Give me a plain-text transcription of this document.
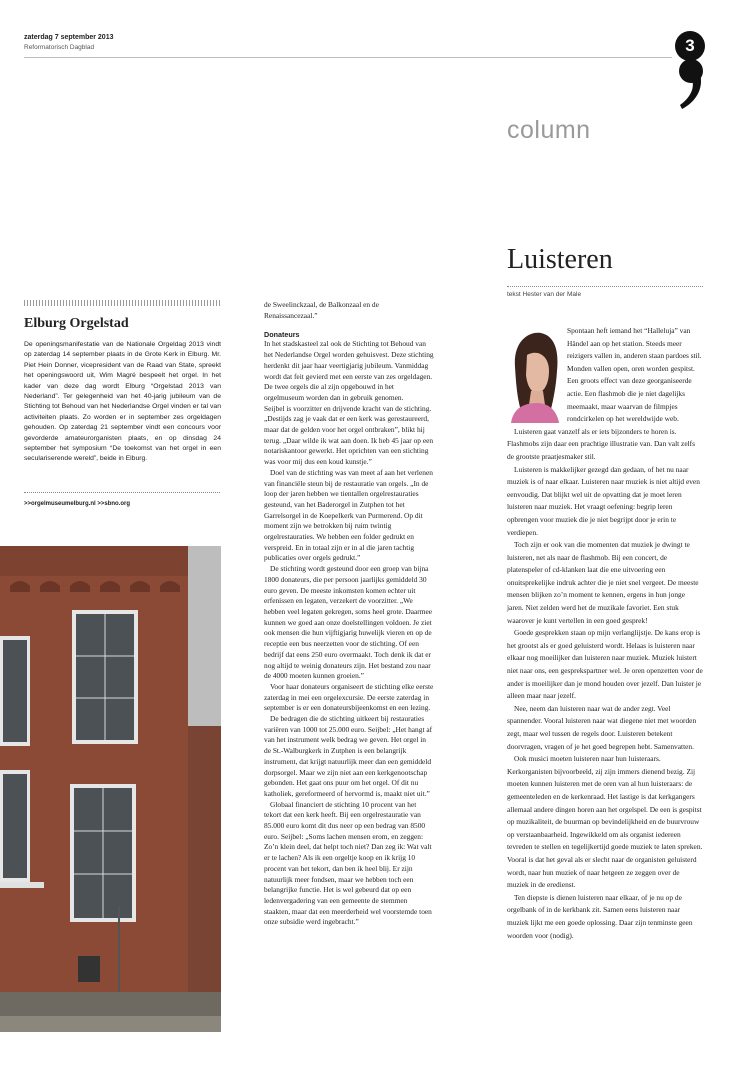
zaterdag 7 september 2013
Reformatorisch Dagblad	3
column
Luisteren
tekst Hester van der Male
Elburg Orgelstad
De openingsmanifestatie van de Nationale Orgeldag 2013 vindt op zaterdag 14 september plaats in de Grote Kerk in Elburg. Mr. Piet Hein Donner, vicepresident van de Raad van State, spreekt het openingswoord uit, Wim Magré bespeelt het orgel. In het kader van deze dag wordt Elburg “Orgelstad 2013 van Nederland”. Ter gelegenheid van het 40-jarig jubileum van de Stichting tot Behoud van het Nederlandse Orgel vinden er tal van activiteiten plaats. Zo worden er in september zes orgeldagen gehouden. Op zaterdag 21 september vindt een concours voor gevorderde amateurorganisten plaats, en op dinsdag 24 september het symposium “De toekomst van het orgel in een seculariserende wereld”, beide in Elburg.
>>orgelmuseumelburg.nl >>sbno.org

de Sweelinckzaal, de Balkonzaal en de Renaissancezaal.”

Donateurs

In het stadskasteel zal ook de Stichting tot Behoud van het Nederlandse Orgel worden gehuisvest. Deze stichting herdenkt dit jaar haar veertigjarig jubileum. Vanmiddag wordt dat feit gevierd met een eerste van zes orgeldagen. De twee orgels die al zijn opgebouwd in het orgelmuseum worden dan in gebruik genomen.

Seijbel is voorzitter en drijvende kracht van de stichting. „Destijds zag je vaak dat er een kerk was gerestaureerd, maar dat de gelden voor het orgel ontbraken”, blikt hij terug. „Daar wilde ik wat aan doen. Ik heb 45 jaar op een notariskantoor gewerkt. Het oprichten van een stichting was voor mij dus een koud kunstje.”

Doel van de stichting was van meet af aan het verlenen van financiële steun bij de restauratie van orgels. „In de loop der jaren hebben we tientallen orgelrestauraties gesteund, van het Baderorgel in Zutphen tot het Garrelsorgel in de Koepelkerk van Purmerend. Op dit moment zijn we betrokken bij ruim twintig orgelrestauraties. We hebben een folder gedrukt en verspreid. En in totaal zijn er in al die jaren tachtig publicaties over orgels gedrukt.”

De stichting wordt gesteund door een groep van bijna 1800 donateurs, die per persoon jaarlijks gemiddeld 30 euro geven. De meeste inkomsten komen echter uit erfenissen en legaten, verzekert de voorzitter. „We hebben veel legaten gekregen, soms heel grote. Daarmee kunnen we goed aan onze doelstellingen voldoen. Je ziet ook mensen die hun vijftigjarig huwelijk vieren en op de receptie een bus neerzetten voor de stichting. Of een bedrijf dat eens 250 euro overmaakt. Toch denk ik dat er nog altijd te weinig donateurs zijn. Het bestand zou naar de 4000 moeten kunnen groeien.”

Voor haar donateurs organiseert de stichting elke eerste zaterdag in mei een orgelexcursie. De eerste zaterdag in september is er een donateursbijeenkomst en een lezing.

De bedragen die de stichting uitkeert bij restauraties variëren van 1000 tot 25.000 euro. Seijbel: „Het hangt af van het instrument welk bedrag we geven. Het orgel in de St.-Walburgkerk in Zutphen is een belangrijk instrument, dat krijgt natuurlijk meer dan een gemiddeld dorpsorgel. Maar we zijn niet aan een kerkgenootschap gebonden. Het gaat ons puur om het orgel. Of dit nu katholiek, gereformeerd of hervormd is, maakt niet uit.”

Globaal financiert de stichting 10 procent van het tekort dat een kerk heeft. Bij een orgelrestauratie van 85.000 euro komt dit dus neer op een bedrag van 8500 euro. Seijbel: „Soms lachen mensen erom, en zeggen: Zo’n klein deel, dat helpt toch niet? Dan zeg ik: Wat valt er te lachen? Als ik een orgeltje koop en ik krijg 10 procent van het tekort, dan ben ik heel blij. Er zijn natuurlijk meer fondsen, maar we hebben toch een belangrijke functie. Het is wel gebeurd dat op een ledenvergadering van een gemeente de stemmen staakten, maar dat een meerderheid wel voorstemde toen onze subsidie werd ingebracht.”

Spontaan heft iemand het “Halleluja” van Händel aan op het station. Steeds meer reizigers vallen in, anderen staan pardoes stil. Monden vallen open, oren worden gespitst. Een groots effect van deze georganiseerde actie. Een flashmob die je niet dagelijks meemaakt, maar waarvan de filmpjes rondcirkelen op het wereldwijde web.

Luisteren gaat vanzelf als er iets bijzonders te horen is. Flashmobs zijn daar een prachtige illustratie van. Dan valt zelfs de grootste praatjesmaker stil.

Luisteren is makkelijker gezegd dan gedaan, of het nu naar muziek is of naar elkaar. Luisteren naar muziek is niet altijd even eenvoudig. Dat blijkt wel uit de opvatting dat je moet leren luisteren naar muziek. Het vraagt oefening: begrip leren opbrengen voor muziek die je niet begrijpt door je erin te verdiepen.

Toch zijn er ook van die momenten dat muziek je dwingt te luisteren, net als naar de flashmob. Bij een concert, de platenspeler of cd-klanken laat die ene uitvoering een onuitsprekelijke indruk achter die je niet snel vergeet. De meeste mensen blijken zo’n moment te kennen, ergens in hun jonge jaren. Niet zelden werd het de muzikale favoriet. Een stuk waarover je kunt vertellen in een goed gesprek!

Goede gesprekken staan op mijn verlanglijstje. De kans erop is het grootst als er goed geluisterd wordt. Helaas is luisteren naar elkaar nog moeilijker dan luisteren naar muziek. Muziek luistert niet naar ons, een gesprekspartner wel. Je oren openzetten voor de ander is moeilijker dan je mond houden over jezelf. Dan luister je alleen maar naar jezelf.

Nee, neem dan luisteren naar wat de ander zegt. Veel spannender. Vooral luisteren naar wat diegene niet met woorden zegt, maar wel tussen de regels door. Luisteren betekent doorvragen, vragen of je het goed begrepen hebt. Samenvatten.

Ook musici moeten luisteren naar hun luisteraars. Kerkorganisten bijvoorbeeld, zij zijn immers dienend bezig. Zij moeten kunnen luisteren met de oren van al hun luisteraars: de gemeenteleden en de kerkenraad. Het lastige is dat kerkgangers allemaal andere dingen horen aan het orgelspel. De een is gespitst op muzikaliteit, de buurman op bevindelijkheid en de buurvrouw op verstaanbaarheid. Ingewikkeld om als organist iedereen tevreden te stellen en tegelijkertijd goede muziek te laten spreken. Vooral is dat het geval als er slecht naar de organisten geluisterd wordt, naar hun muziek of naar hetgeen ze zeggen over de muziek in de eredienst.

Ten diepste is dienen luisteren naar elkaar, of je nu op de orgelbank of in de kerkbank zit. Samen eens luisteren naar muziek lijkt me een goede oplossing. Daar zijn tenminste geen woorden voor (nodig).
